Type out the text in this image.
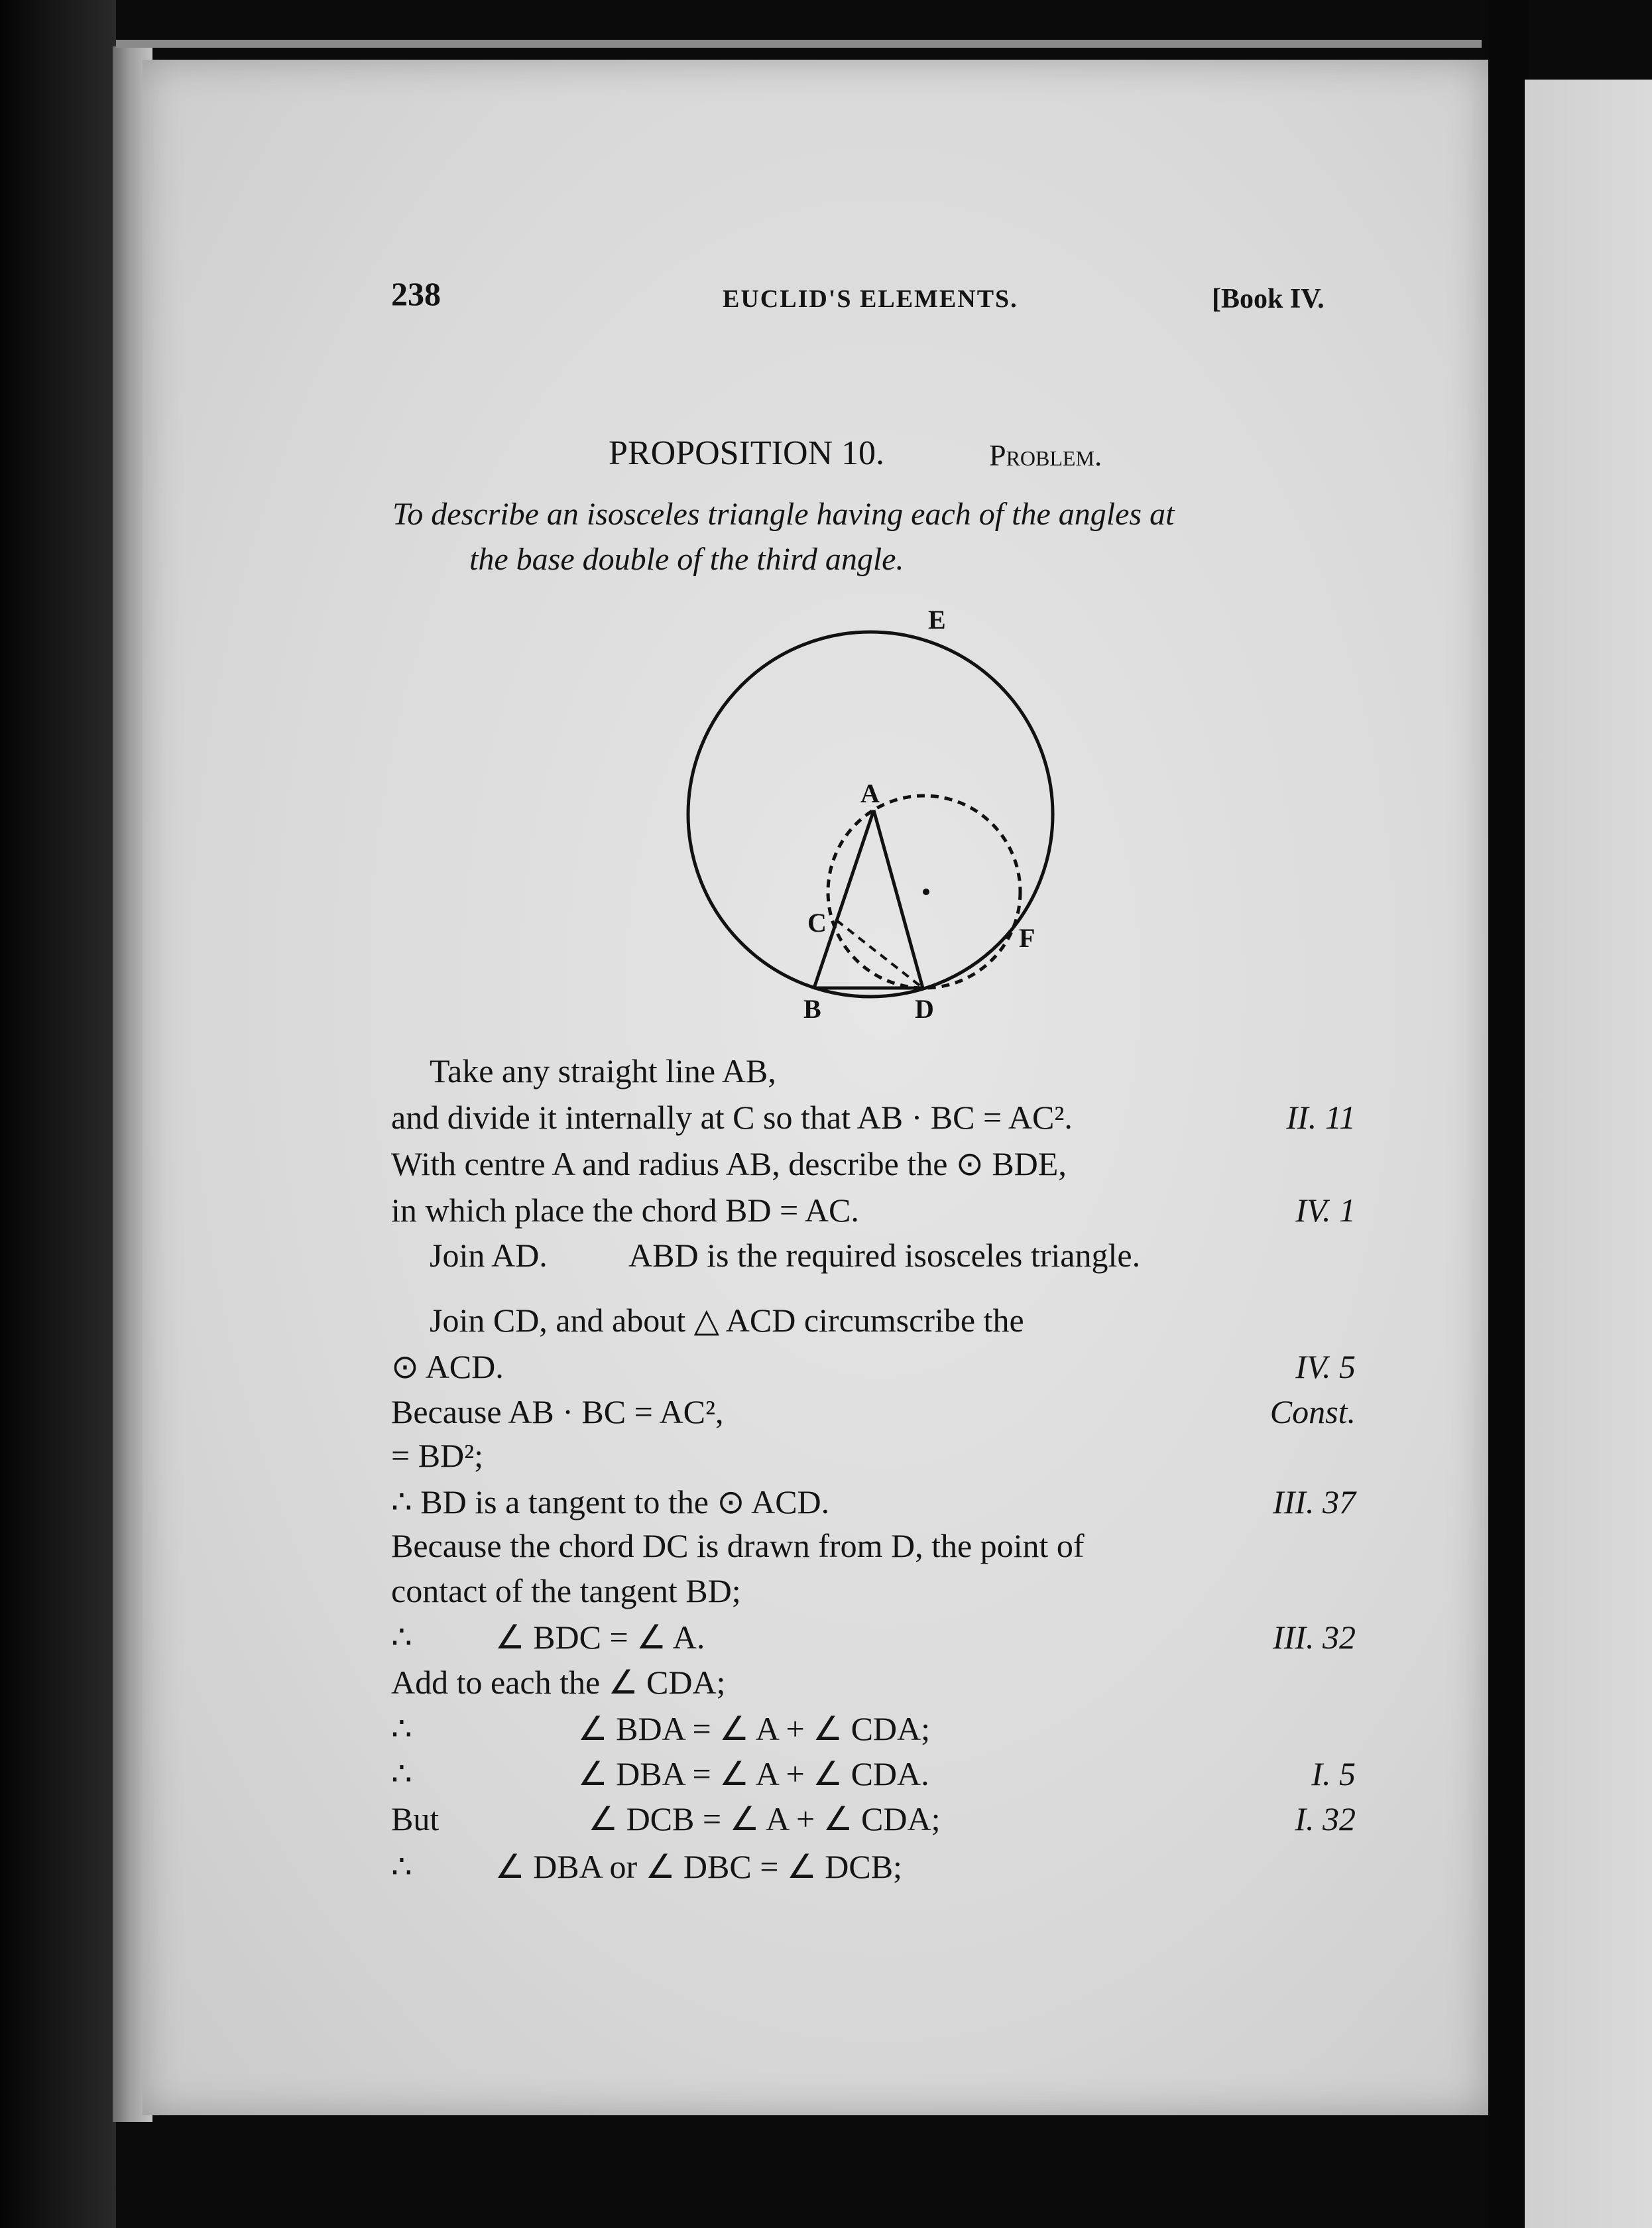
238	EUCLID'S ELEMENTS.	[Book IV.
PROPOSITION 10.	Problem.
To describe an isosceles triangle having each of the angles at
the base double of the third angle.
E
A
C
F
B	D
Take any straight line AB,
and divide it internally at C so that AB · BC = AC².	II. 11
With centre A and radius AB, describe the ⊙ BDE,
in which place the chord BD = AC.	IV. 1
Join AD.          ABD is the required isosceles triangle.
Join CD, and about △ ACD circumscribe the
⊙ ACD.	IV. 5
Because AB · BC = AC²,	Const.
= BD²;
∴ BD is a tangent to the ⊙ ACD.	III. 37
Because the chord DC is drawn from D, the point of
contact of the tangent BD;
∴          ∠ BDC = ∠ A.	III. 32
Add to each the ∠ CDA;
∴                    ∠ BDA = ∠ A + ∠ CDA;
∴                    ∠ DBA = ∠ A + ∠ CDA.	I. 5
But                  ∠ DCB = ∠ A + ∠ CDA;	I. 32
∴          ∠ DBA or ∠ DBC = ∠ DCB;
